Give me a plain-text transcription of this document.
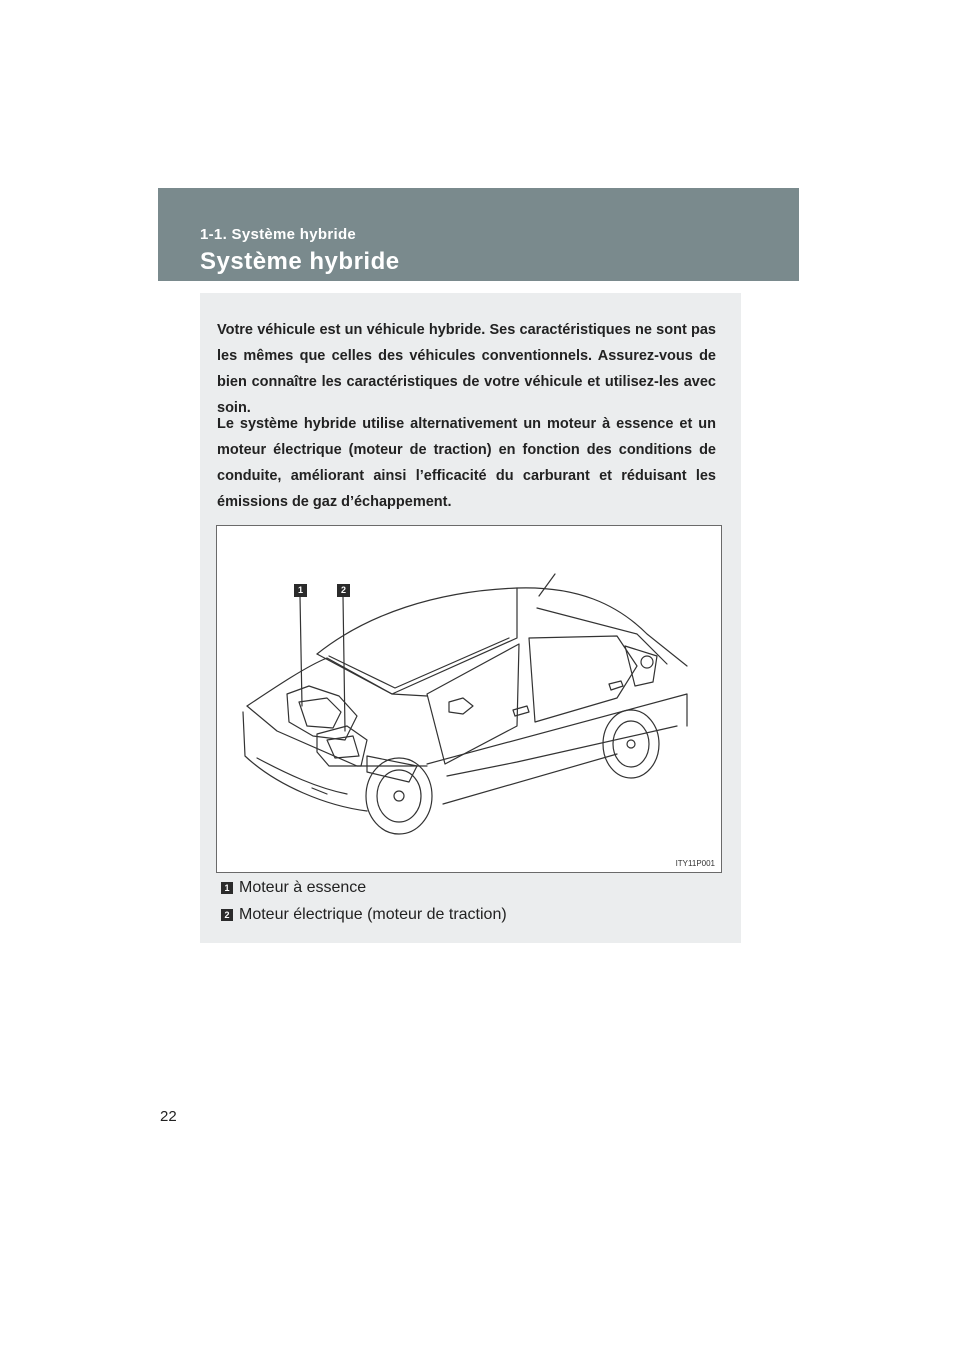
1-1. Système hybride
Système hybride

Votre véhicule est un véhicule hybride. Ses caractéristiques ne sont pas les mêmes que celles des véhicules conventionnels. Assurez-vous de bien connaître les caractéristiques de votre véhicule et utilisez-les avec soin.

Le système hybride utilise alternativement un moteur à essence et un moteur électrique (moteur de traction) en fonction des conditions de conduite, améliorant ainsi l’efficacité du carburant et réduisant les émissions de gaz d’échappement.

1	2
ITY11P001
1 Moteur à essence
2 Moteur électrique (moteur de traction)
22
